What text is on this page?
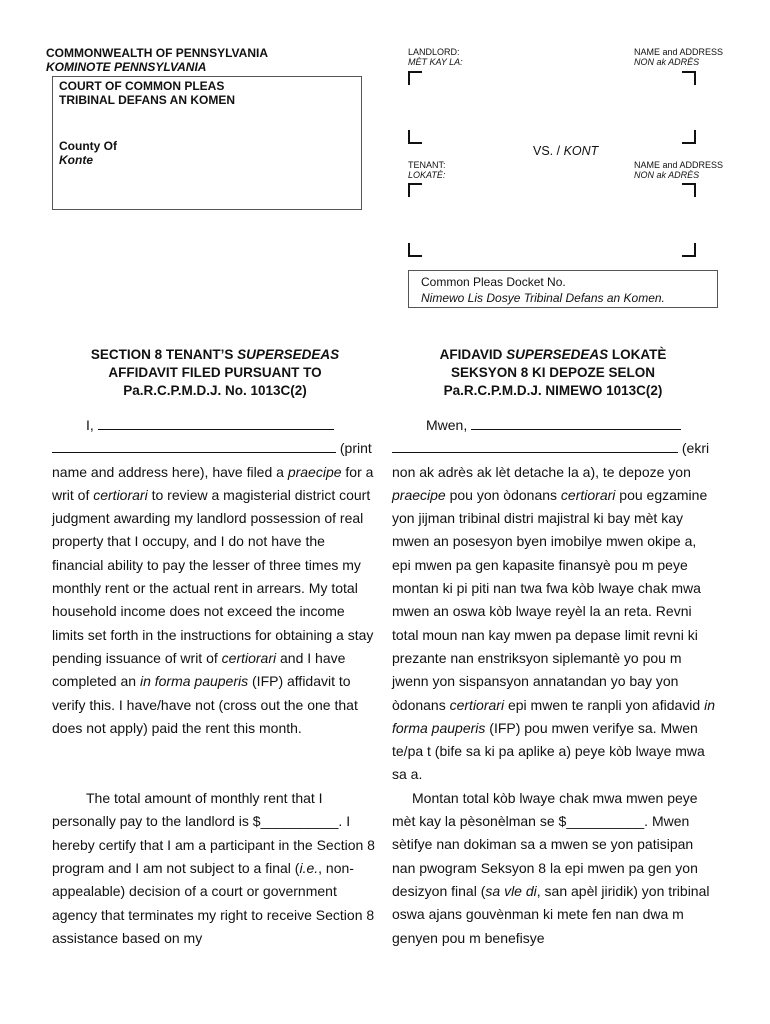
COMMONWEALTH OF PENNSYLVANIA
KOMINOTE PENNSYLVANIA
COURT OF COMMON PLEAS
TRIBINAL DEFANS AN KOMEN
County Of
Konte
LANDLORD:
MÈT KAY LA:
NAME and ADDRESS
NON ak ADRÈS
VS. / KONT
TENANT:
LOKATÈ:
NAME and ADDRESS
NON ak ADRÈS
Common Pleas Docket No.
Nimewo Lis Dosye Tribinal Defans an Komen.
SECTION 8 TENANT’S SUPERSEDEAS
AFFIDAVIT FILED PURSUANT TO
Pa.R.C.P.M.D.J. No. 1013C(2)
AFIDAVID SUPERSEDEAS LOKATÈ
SEKSYON 8 KI DEPOZE SELON
Pa.R.C.P.M.D.J. NIMEWO 1013C(2)
I,
(print

name and address here), have filed a praecipe for a writ of certiorari to review a magisterial district court judgment awarding my landlord possession of real property that I occupy, and I do not have the financial ability to pay the lesser of three times my monthly rent or the actual rent in arrears. My total household income does not exceed the income limits set forth in the instructions for obtaining a stay pending issuance of writ of certiorari and I have completed an in forma pauperis (IFP) affidavit to verify this. I have/have not (cross out the one that does not apply) paid the rent this month.

The total amount of monthly rent that I personally pay to the landlord is $__________. I hereby certify that I am a participant in the Section 8 program and I am not subject to a final (i.e., non-appealable) decision of a court or government agency that terminates my right to receive Section 8 assistance based on my

Mwen,
(ekri

non ak adrès ak lèt detache la a), te depoze yon praecipe pou yon òdonans certiorari pou egzamine yon jijman tribinal distri majistral ki bay mèt kay mwen an posesyon byen imobilye mwen okipe a, epi mwen pa gen kapasite finansyè pou m peye montan ki pi piti nan twa fwa kòb lwaye chak mwa mwen an oswa kòb lwaye reyèl la an reta. Revni total moun nan kay mwen pa depase limit revni ki prezante nan enstriksyon siplemantè yo pou m jwenn yon sispansyon annatandan yo bay yon òdonans certiorari epi mwen te ranpli yon afidavid in forma pauperis (IFP) pou mwen verifye sa. Mwen te/pa t (bife sa ki pa aplike a) peye kòb lwaye mwa sa a.

Montan total kòb lwaye chak mwa mwen peye mèt kay la pèsonèlman se $__________. Mwen sètifye nan dokiman sa a mwen se yon patisipan nan pwogram Seksyon 8 la epi mwen pa gen yon desizyon final (sa vle di, san apèl jiridik) yon tribinal oswa ajans gouvènman ki mete fen nan dwa m genyen pou m benefisye
